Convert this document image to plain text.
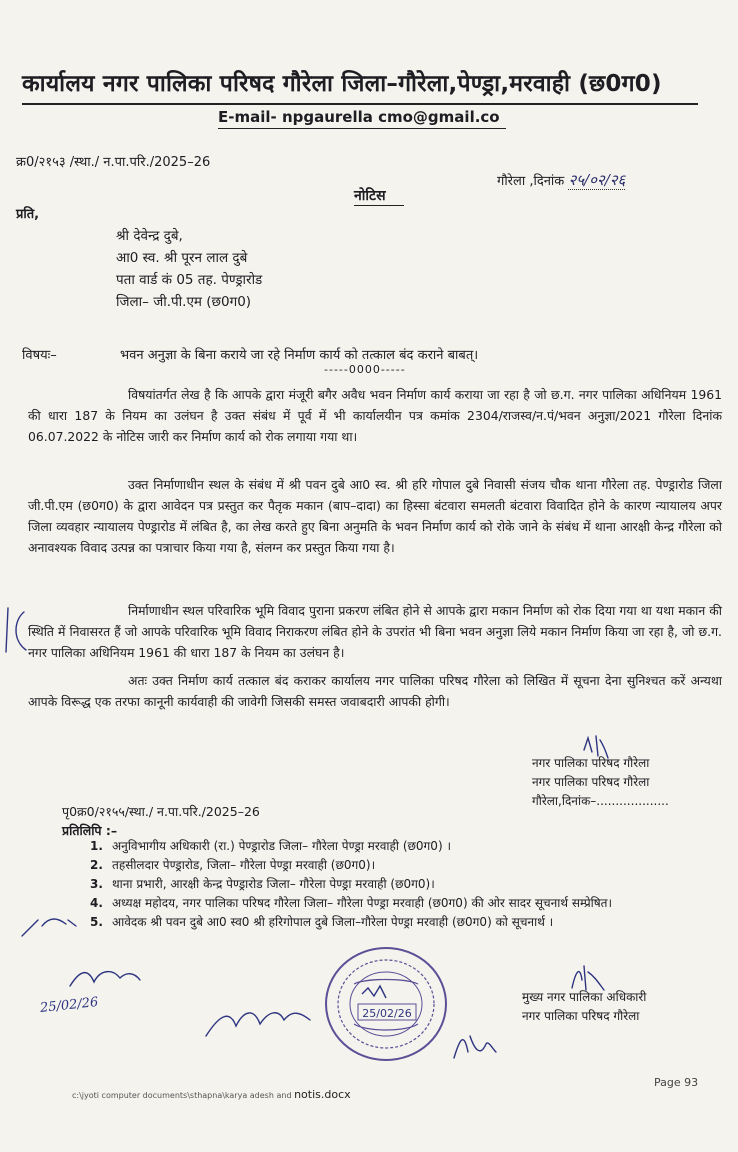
कार्यालय नगर पालिका परिषद गौरेला जिला–गौरेला,पेण्ड्रा,मरवाही (छ0ग0)
E-mail- npgaurella cmo@gmail.co
क्र0/२१५३ /स्था./ न.पा.परि./2025–26
गौरेला ,दिनांक २५/०२/२६
नोटिस
प्रति,
श्री देवेन्द्र दुबे,
आ0 स्व. श्री पूरन लाल दुबे
पता वार्ड कं 05 तह. पेण्ड्रारोड
जिला– जी.पी.एम (छ0ग0)
विषयः–	भवन अनुज्ञा के बिना कराये जा रहे निर्माण कार्य को तत्काल बंद कराने बाबत्।
-----0000-----

विषयांतर्गत लेख है कि आपके द्वारा मंजूरी बगैर अवैध भवन निर्माण कार्य कराया जा रहा है जो छ.ग. नगर पालिका अधिनियम 1961 की धारा 187 के नियम का उलंघन है उक्त संबंध में पूर्व में भी कार्यालयीन पत्र कमांक 2304/राजस्व/न.पं/भवन अनुज्ञा/2021 गौरेला दिनांक 06.07.2022 के नोटिस जारी कर निर्माण कार्य को रोक लगाया गया था।

उक्त निर्माणाधीन स्थल के संबंध में श्री पवन दुबे आ0 स्व. श्री हरि गोपाल दुबे निवासी संजय चौक थाना गौरेला तह. पेण्ड्रारोड जिला जी.पी.एम (छ0ग0) के द्वारा आवेदन पत्र प्रस्तुत कर पैतृक मकान (बाप–दादा) का हिस्सा बंटवारा समलती बंटवारा विवादित होने के कारण न्यायालय अपर जिला व्यवहार न्यायालय पेण्ड्रारोड में लंबित है, का लेख करते हुए बिना अनुमति के भवन निर्माण कार्य को रोके जाने के संबंध में थाना आरक्षी केन्द्र गौरेला को अनावश्यक विवाद उत्पन्न का पत्राचार किया गया है, संलग्न कर प्रस्तुत किया गया है।

निर्माणाधीन स्थल परिवारिक भूमि विवाद पुराना प्रकरण लंबित होने से आपके द्वारा मकान निर्माण को रोक दिया गया था यथा मकान की स्थिति में निवासरत हैं जो आपके परिवारिक भूमि विवाद निराकरण लंबित होने के उपरांत भी बिना भवन अनुज्ञा लिये मकान निर्माण किया जा रहा है, जो छ.ग. नगर पालिका अधिनियम 1961 की धारा 187 के नियम का उलंघन है।

अतः उक्त निर्माण कार्य तत्काल बंद कराकर कार्यालय नगर पालिका परिषद गौरेला को लिखित में सूचना देना सुनिश्चत करें अन्यथा आपके विरूद्ध एक तरफा कानूनी कार्यवाही की जावेगी जिसकी समस्त जवाबदारी आपकी होगी।

नगर पालिका परिषद गौरेला
नगर पालिका परिषद गौरेला
गौरेला,दिनांक–...................
पृ0क्र0/२१५५/स्था./ न.पा.परि./2025–26
प्रतिलिपि :–
1. अनुविभागीय अधिकारी (रा.) पेण्ड्रारोड जिला– गौरेला पेण्ड्रा मरवाही (छ0ग0) ।
2. तहसीलदार पेण्ड्रारोड, जिला– गौरेला पेण्ड्रा मरवाही (छ0ग0)।
3. थाना प्रभारी, आरक्षी केन्द्र पेण्ड्रारोड जिला– गौरेला पेण्ड्रा मरवाही (छ0ग0)।
4. अध्यक्ष महोदय, नगर पालिका परिषद गौरेला जिला– गौरेला पेण्ड्रा मरवाही (छ0ग0) की ओर सादर सूचनार्थ सम्प्रेषित।
5. आवेदक श्री पवन दुबे आ0 स्व0 श्री हरिगोपाल दुबे जिला–गौरेला पेण्ड्रा मरवाही (छ0ग0) को सूचनार्थ ।
मुख्य नगर पालिका अधिकारी
नगर पालिका परिषद गौरेला
25/02/26
25/02/26
Page 93
c:\jyoti computer documents\sthapna\karya adesh and notis.docx
